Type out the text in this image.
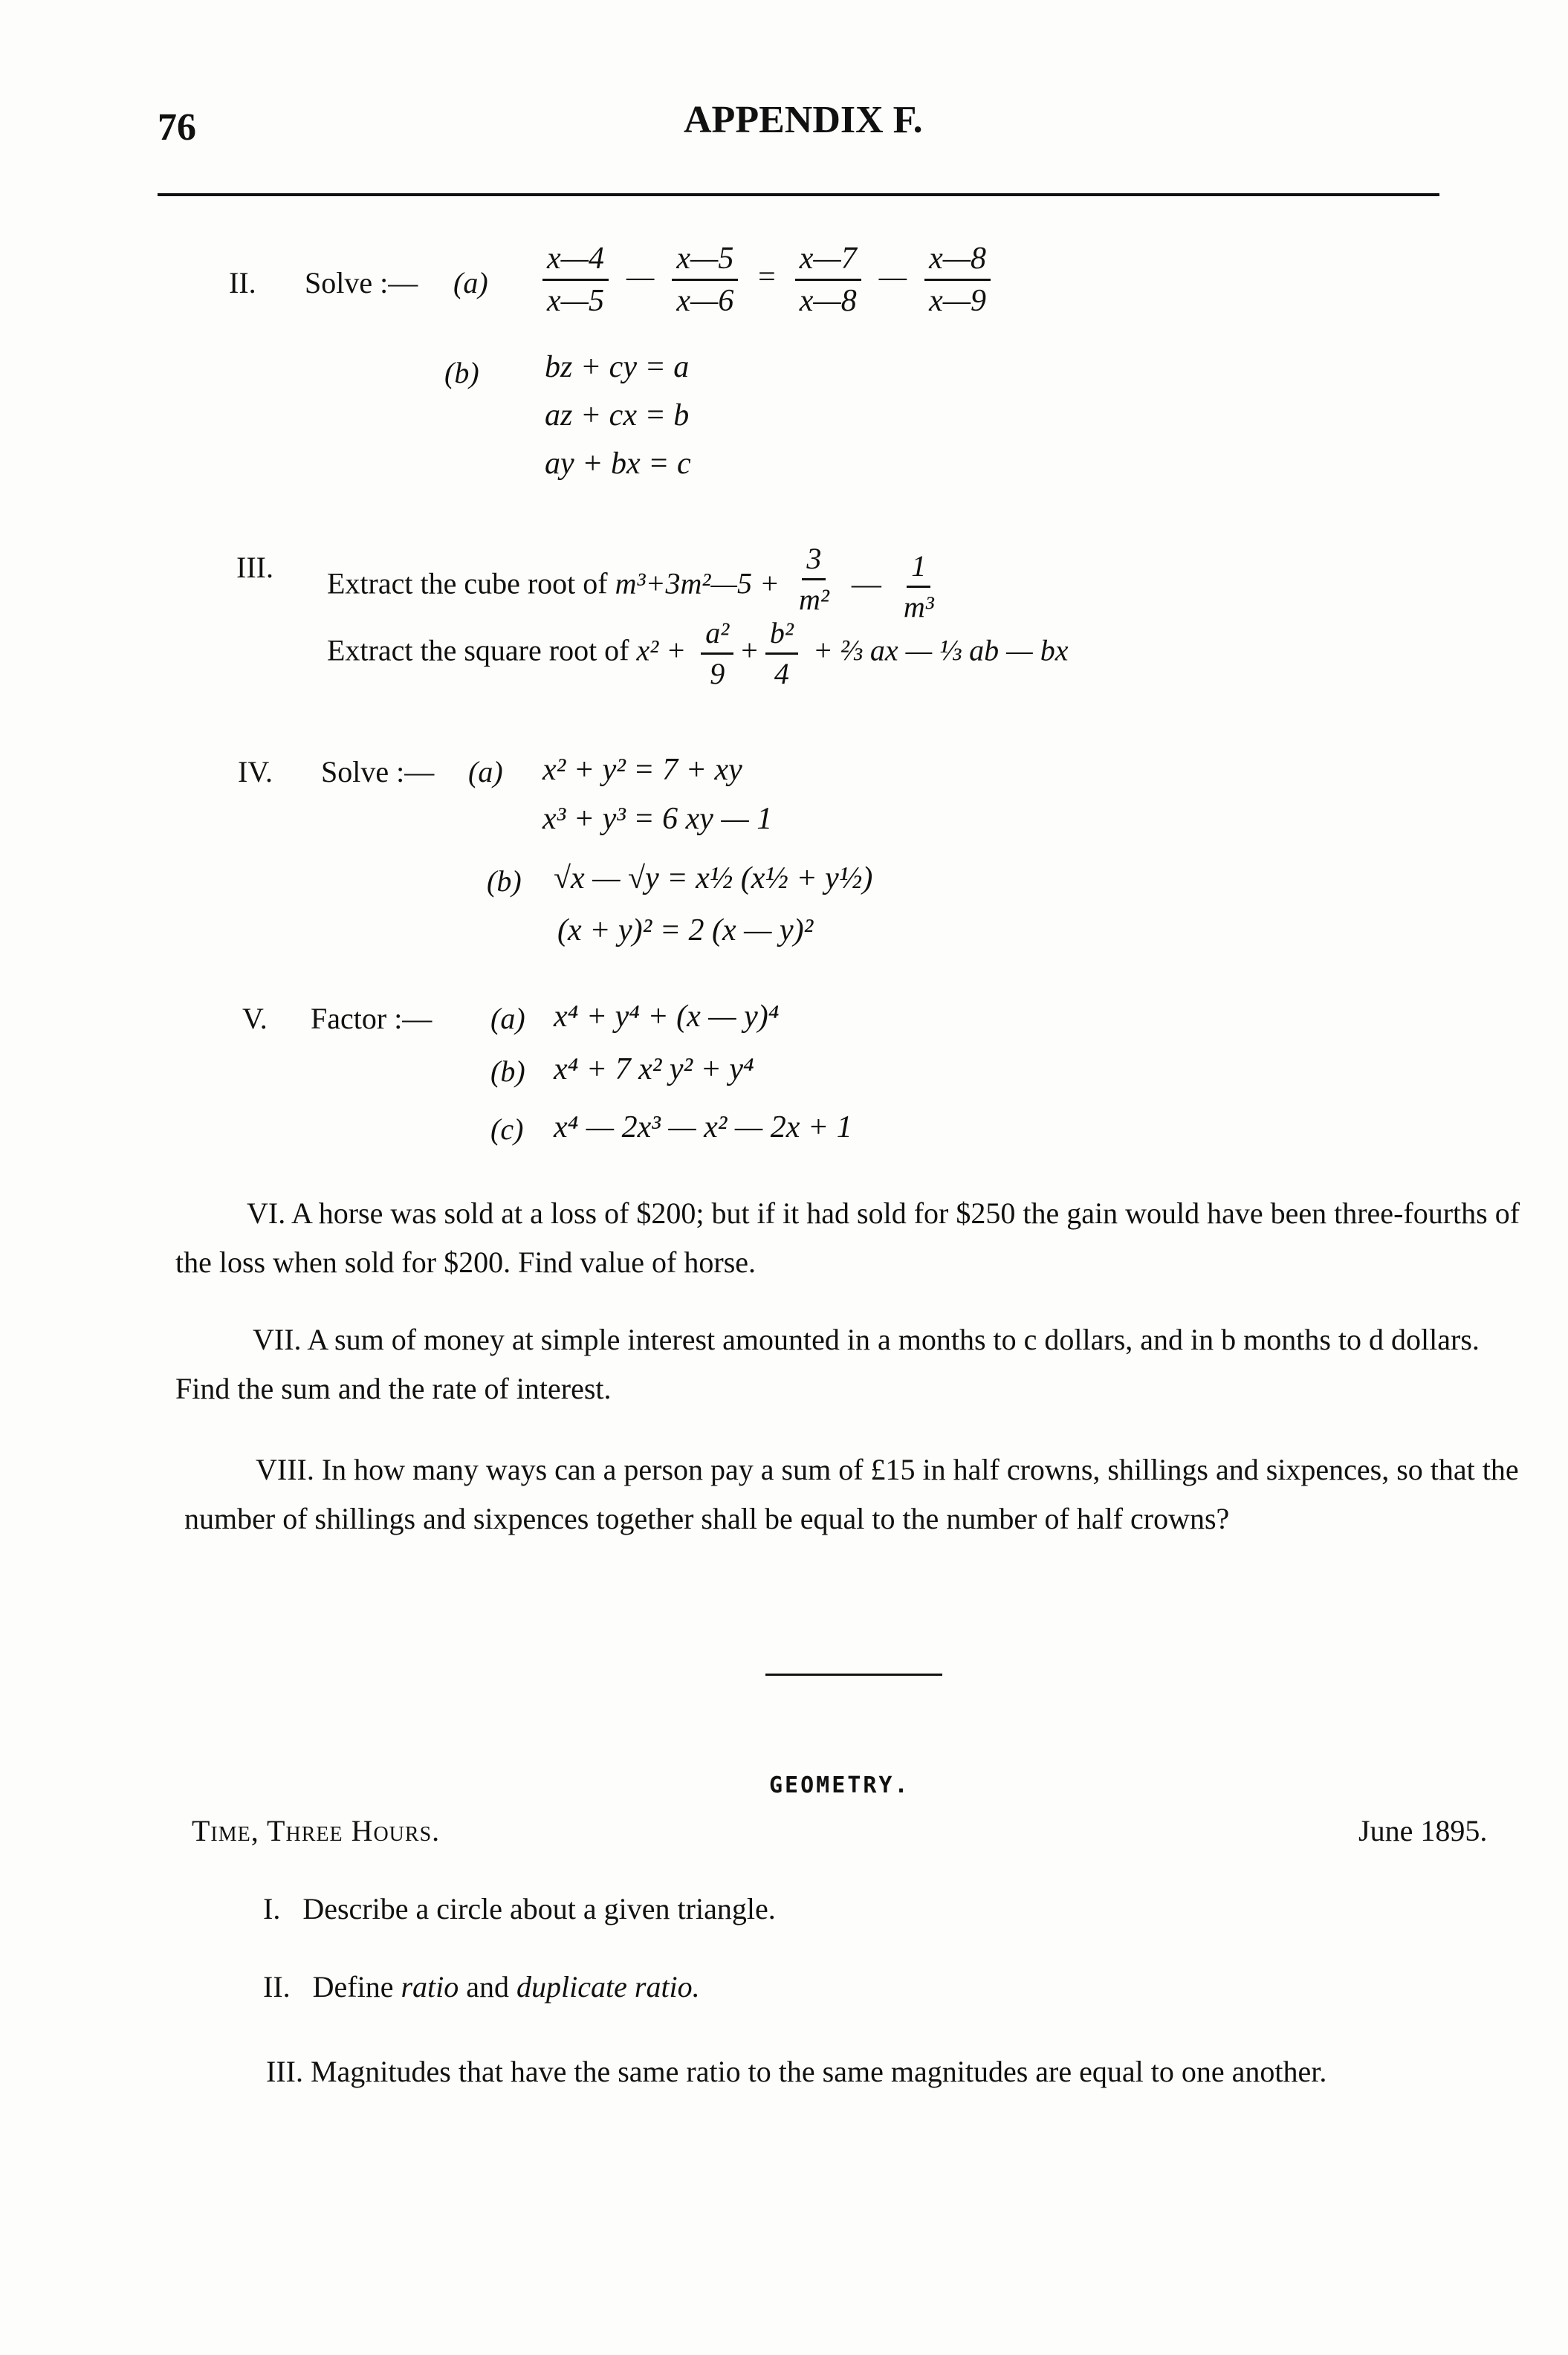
76	APPENDIX F.
II. Solve :— $(a) \frac{x—4}{x—5}$ — $\frac{x—5}{x—6} = \frac{x—7}{x—8}$ — $\frac{x—8}{x—9}$
(b) bz + cy = a
az + cx = b
ay + bx = c
III. Extract the cube root of m³+3m²—5 + $\frac{3}{\text{m²}}$ — $\frac{1}{\text{m³}}$
Extract the square root of $x^2 + \frac{\text{a²}}{9} + \frac{\text{b²}}{4}$ + ⅔ ax — ⅓ ab — bx
IV. Solve :— (a) x² + y² = 7 + xy
x³ + y³ = 6 xy — 1
(b) √x — √y = x½ (x½ + y½)
(x + y)² = 2 (x — y)²
V. Factor :— (a) x⁴ + y⁴ + (x — y)⁴
(b) x⁴ + 7 x² y² + y⁴
(c) x⁴ — 2x³ — x² — 2x + 1
VI. A horse was sold at a loss of $200; but if it had sold for $250 the gain would have been three-fourths of the loss when sold for $200. Find value of horse.
VII. A sum of money at simple interest amounted in a months to c dollars, and in b months to d dollars. Find the sum and the rate of interest.
VIII. In how many ways can a person pay a sum of £15 in half crowns, shillings and sixpences, so that the number of shillings and sixpences together shall be equal to the number of half crowns?
GEOMETRY.
Time, Three Hours.	June 1895.
I. Describe a circle about a given triangle.
II. Define ratio and duplicate ratio.
III. Magnitudes that have the same ratio to the same magnitudes are equal to one another.
